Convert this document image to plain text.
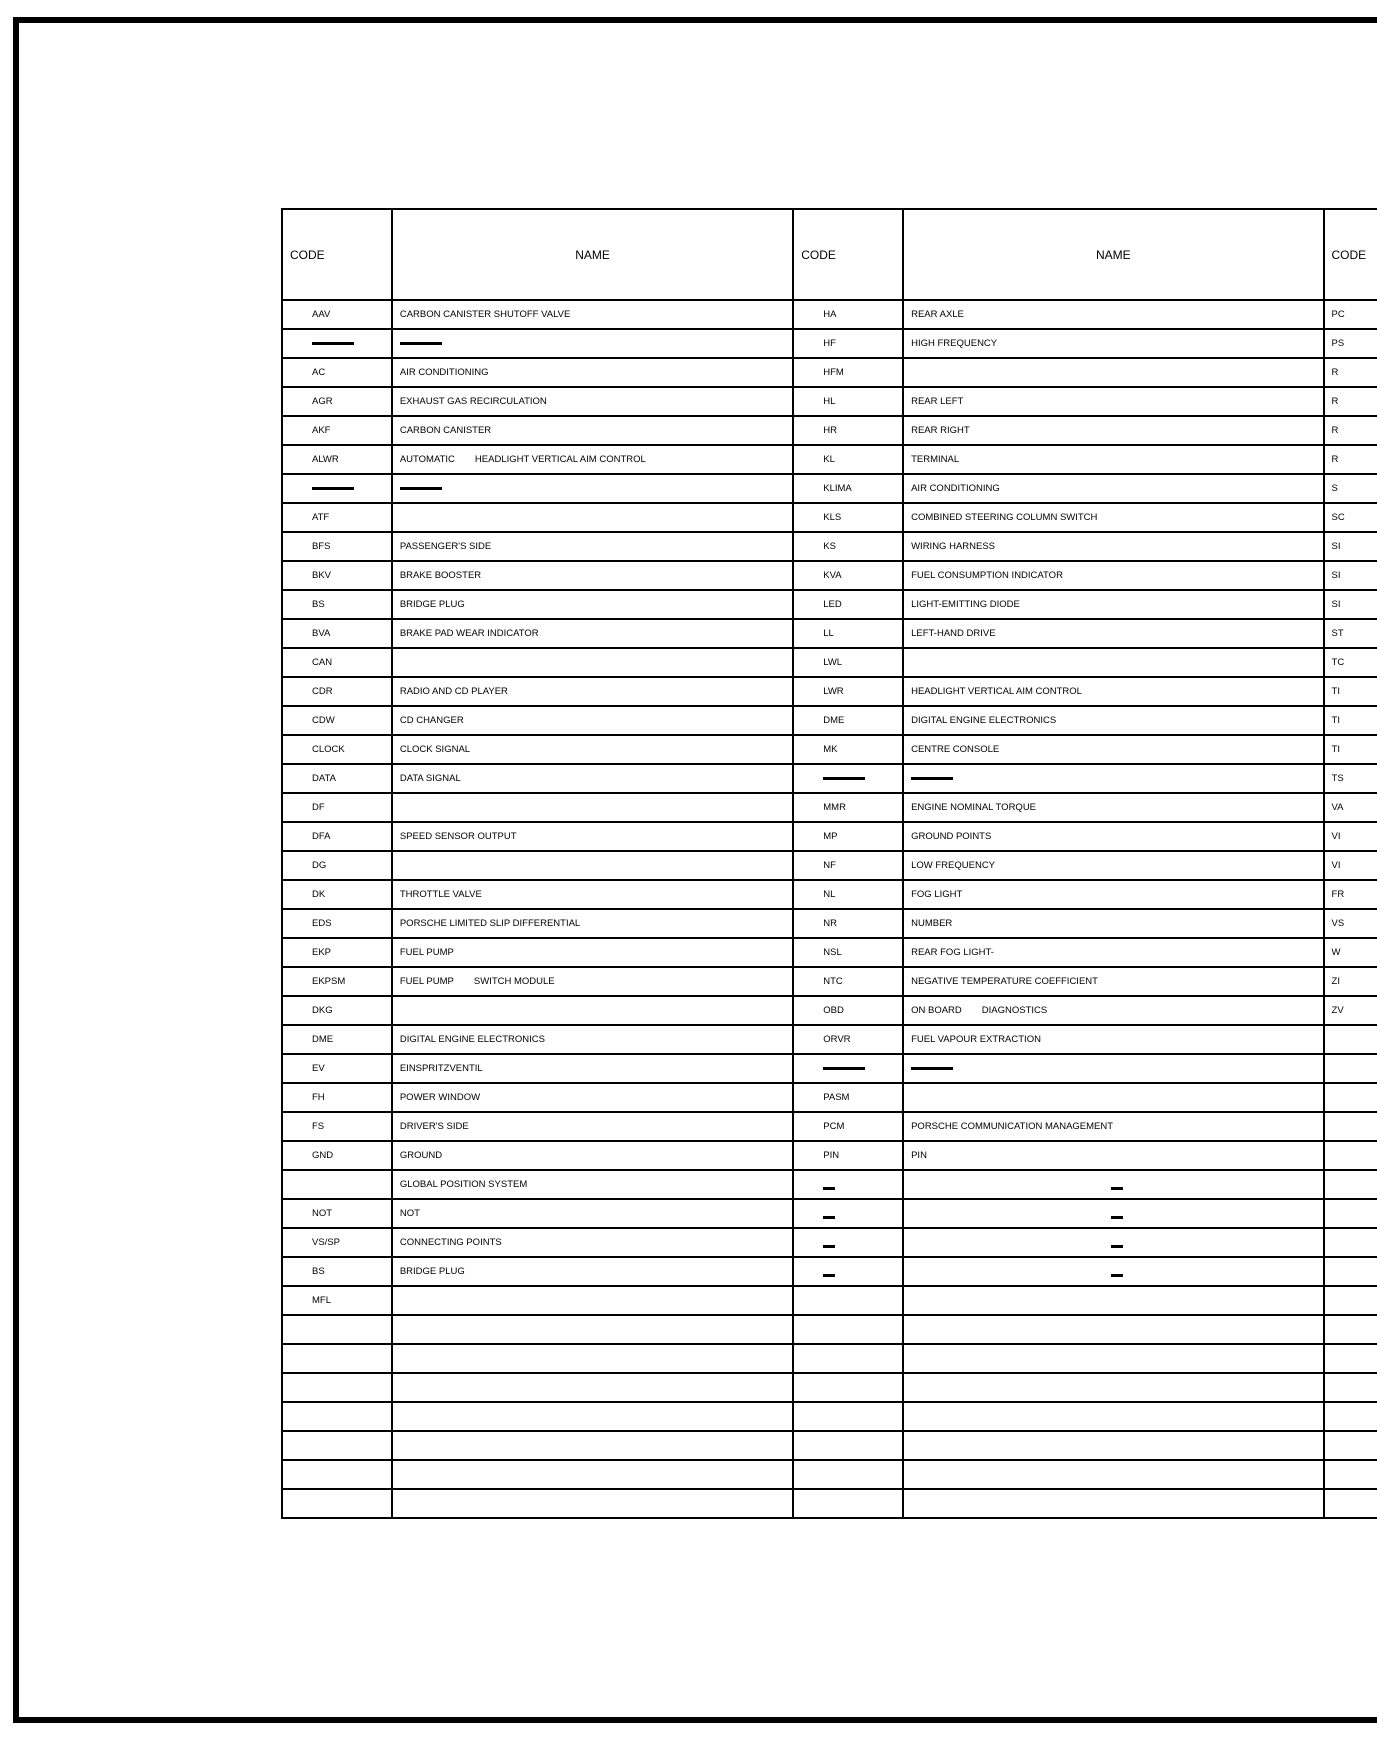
CODE	NAME	CODE	NAME	CODE
AAV	CARBON CANISTER SHUTOFF VALVE	HA	REAR AXLE	PC
		HF	HIGH FREQUENCY	PS
AC	AIR CONDITIONING	HFM		R
AGR	EXHAUST GAS RECIRCULATION	HL	REAR LEFT	R
AKF	CARBON CANISTER	HR	REAR RIGHT	R
ALWR	AUTOMATIC HEADLIGHT VERTICAL AIM CONTROL	KL	TERMINAL	R
		KLIMA	AIR CONDITIONING	S
ATF		KLS	COMBINED STEERING COLUMN SWITCH	SC
BFS	PASSENGER'S SIDE	KS	WIRING HARNESS	SI
BKV	BRAKE BOOSTER	KVA	FUEL CONSUMPTION INDICATOR	SI
BS	BRIDGE PLUG	LED	LIGHT-EMITTING DIODE	SI
BVA	BRAKE PAD WEAR INDICATOR	LL	LEFT-HAND DRIVE	ST
CAN		LWL		TC
CDR	RADIO AND CD PLAYER	LWR	HEADLIGHT VERTICAL AIM CONTROL	TI
CDW	CD CHANGER	DME	DIGITAL ENGINE ELECTRONICS	TI
CLOCK	CLOCK SIGNAL	MK	CENTRE CONSOLE	TI
DATA	DATA SIGNAL			TS
DF		MMR	ENGINE NOMINAL TORQUE	VA
DFA	SPEED SENSOR OUTPUT	MP	GROUND POINTS	VI
DG		NF	LOW FREQUENCY	VI
DK	THROTTLE VALVE	NL	FOG LIGHT	FR
EDS	PORSCHE LIMITED SLIP DIFFERENTIAL	NR	NUMBER	VS
EKP	FUEL PUMP	NSL	REAR FOG LIGHT-	W
EKPSM	FUEL PUMP SWITCH MODULE	NTC	NEGATIVE TEMPERATURE COEFFICIENT	ZI
DKG		OBD	ON BOARD DIAGNOSTICS	ZV
DME	DIGITAL ENGINE ELECTRONICS	ORVR	FUEL VAPOUR EXTRACTION	
EV	EINSPRITZVENTIL			
FH	POWER WINDOW	PASM		
FS	DRIVER'S SIDE	PCM	PORSCHE COMMUNICATION MANAGEMENT	
GND	GROUND	PIN	PIN	
	GLOBAL POSITION SYSTEM			
NOT	NOT			
VS/SP	CONNECTING POINTS			
BS	BRIDGE PLUG			
MFL				
